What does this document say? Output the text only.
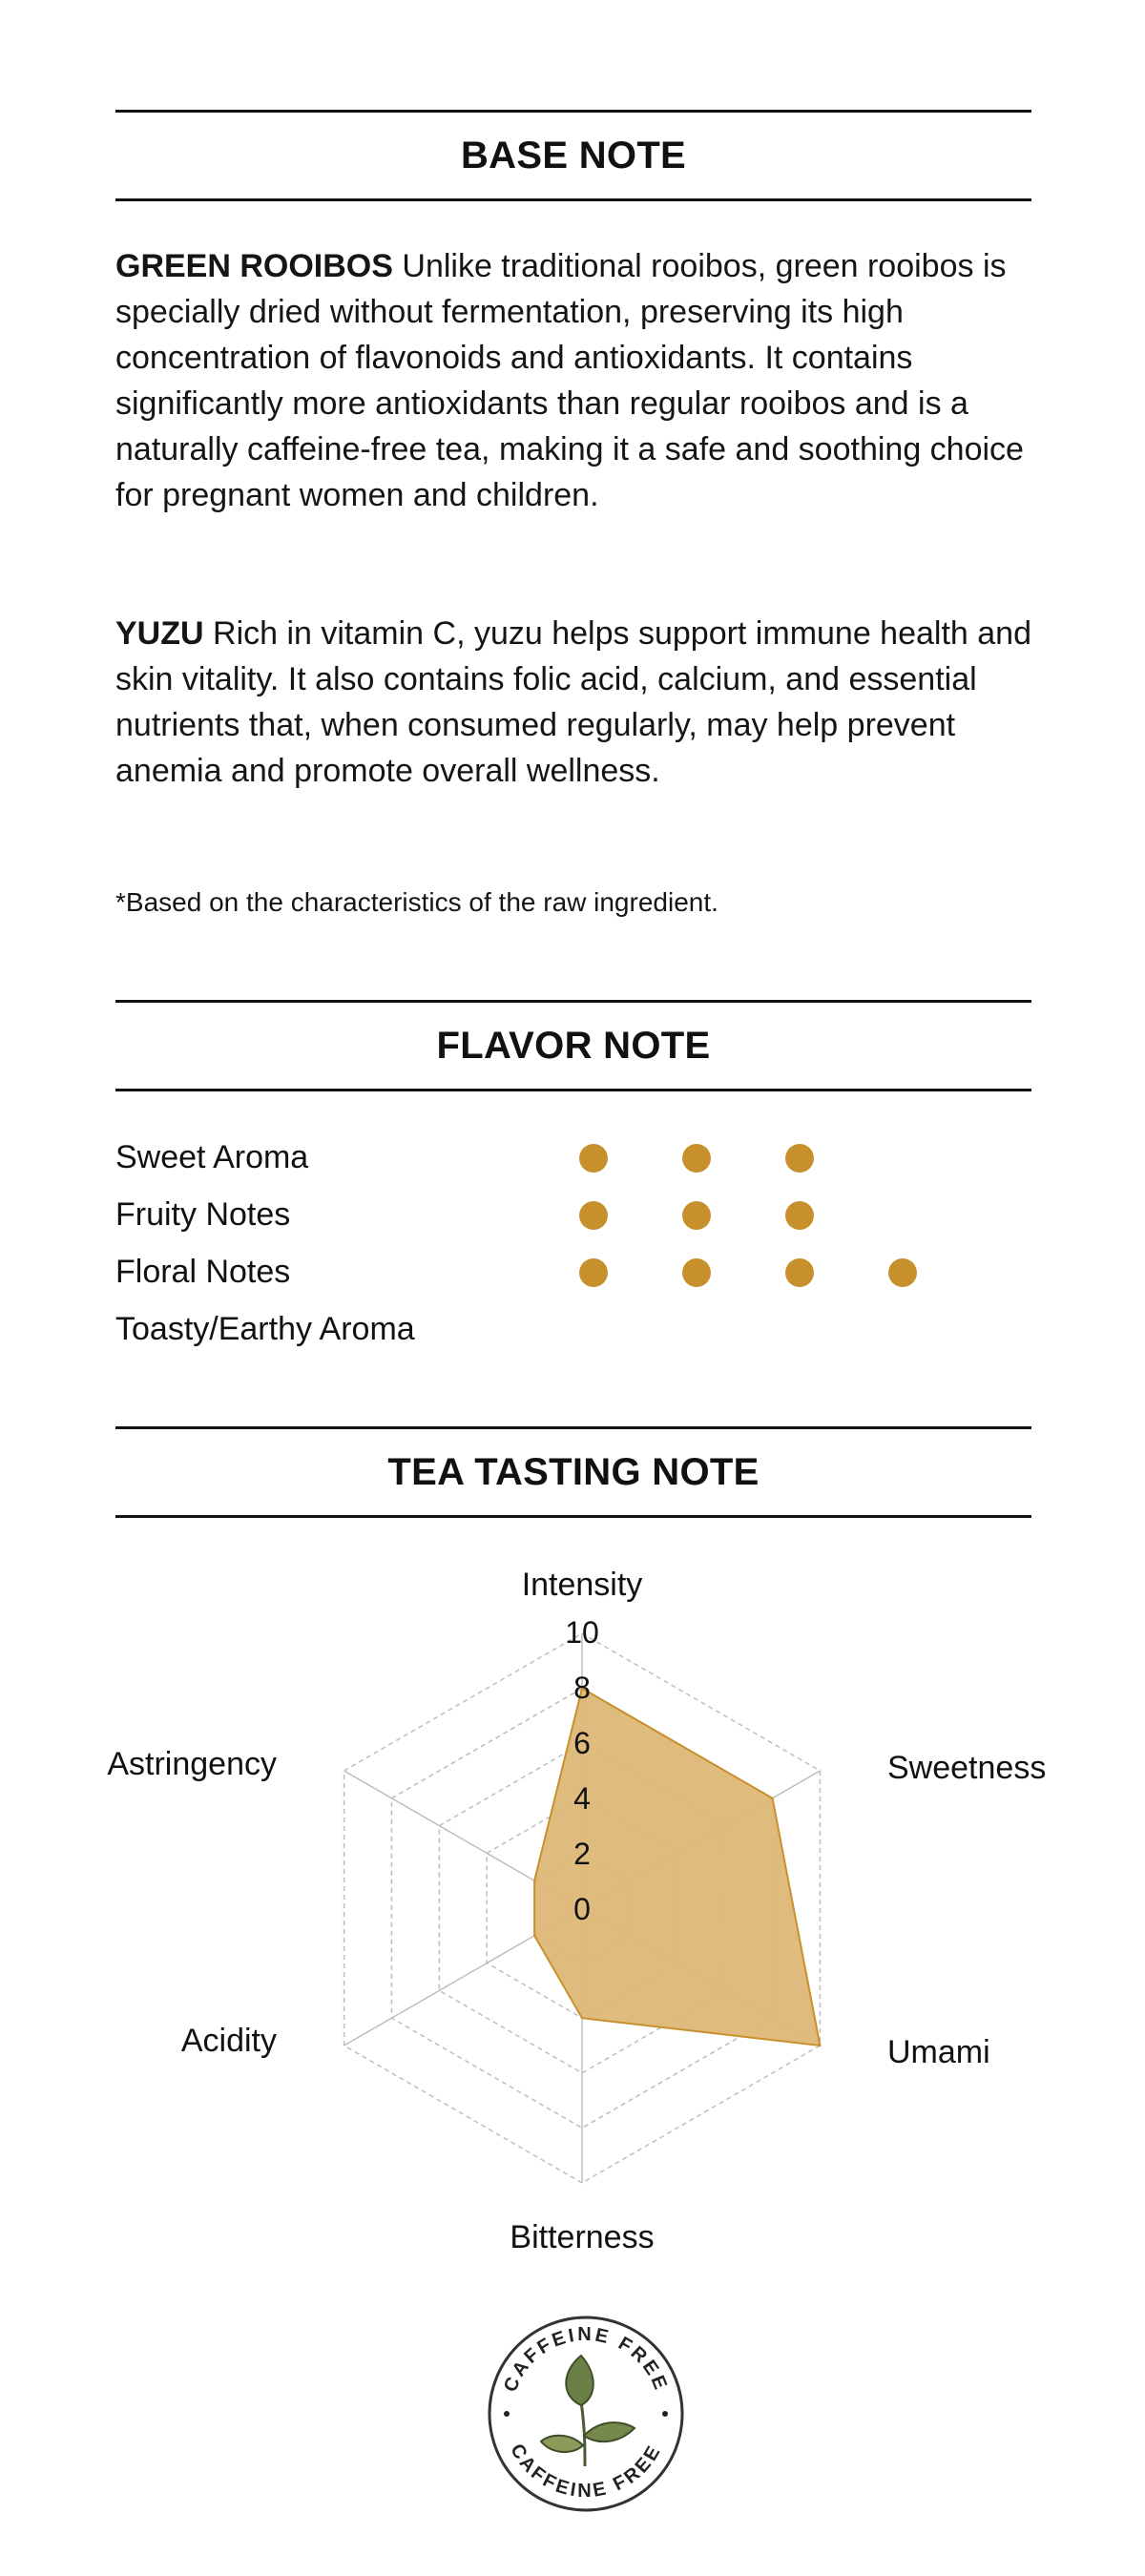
BASE NOTE
GREEN ROOIBOS Unlike traditional rooibos, green rooibos is specially dried without fermentation, preserving its high concentration of flavonoids and antioxidants. It contains significantly more antioxidants than regular rooibos and is a naturally caffeine-free tea, making it a safe and soothing choice for pregnant women and children.
YUZU Rich in vitamin C, yuzu helps support immune health and skin vitality. It also contains folic acid, calcium, and essential nutrients that, when consumed regularly, may help prevent anemia and promote overall wellness.
*Based on the characteristics of the raw ingredient.
FLAVOR NOTE
Sweet Aroma
Fruity Notes
Floral Notes
Toasty/Earthy Aroma
TEA TASTING NOTE
0
2
4
6
8
10
Intensity
Sweetness
Umami
Bitterness
Acidity
Astringency
CAFFEINE FREE
CAFFEINE FREE
